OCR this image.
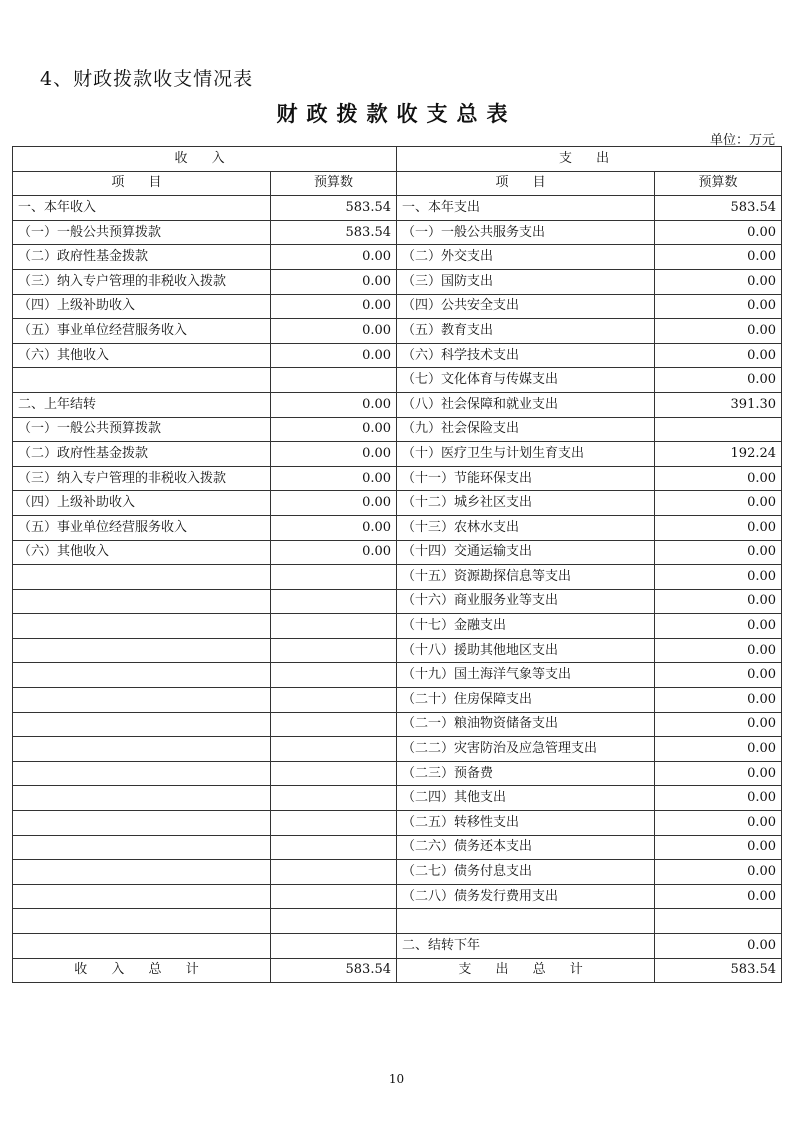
4、财政拨款收支情况表
财政拨款收支总表
单位：万元
收 入		支 出	
项 目	预算数	项 目	预算数
一、本年收入	583.54	一、本年支出	583.54
（一）一般公共预算拨款	583.54	（一）一般公共服务支出	0.00
（二）政府性基金拨款	0.00	（二）外交支出	0.00
（三）纳入专户管理的非税收入拨款	0.00	（三）国防支出	0.00
（四）上级补助收入	0.00	（四）公共安全支出	0.00
（五）事业单位经营服务收入	0.00	（五）教育支出	0.00
（六）其他收入	0.00	（六）科学技术支出	0.00
		（七）文化体育与传媒支出	0.00
二、上年结转	0.00	（八）社会保障和就业支出	391.30
（一）一般公共预算拨款	0.00	（九）社会保险支出	
（二）政府性基金拨款	0.00	（十）医疗卫生与计划生育支出	192.24
（三）纳入专户管理的非税收入拨款	0.00	（十一）节能环保支出	0.00
（四）上级补助收入	0.00	（十二）城乡社区支出	0.00
（五）事业单位经营服务收入	0.00	（十三）农林水支出	0.00
（六）其他收入	0.00	（十四）交通运输支出	0.00
		（十五）资源勘探信息等支出	0.00
		（十六）商业服务业等支出	0.00
		（十七）金融支出	0.00
		（十八）援助其他地区支出	0.00
		（十九）国土海洋气象等支出	0.00
		（二十）住房保障支出	0.00
		（二一）粮油物资储备支出	0.00
		（二二）灾害防治及应急管理支出	0.00
		（二三）预备费	0.00
		（二四）其他支出	0.00
		（二五）转移性支出	0.00
		（二六）债务还本支出	0.00
		（二七）债务付息支出	0.00
		（二八）债务发行费用支出	0.00

		二、结转下年	0.00
收 入 总 计	583.54	支 出 总 计	583.54
10
